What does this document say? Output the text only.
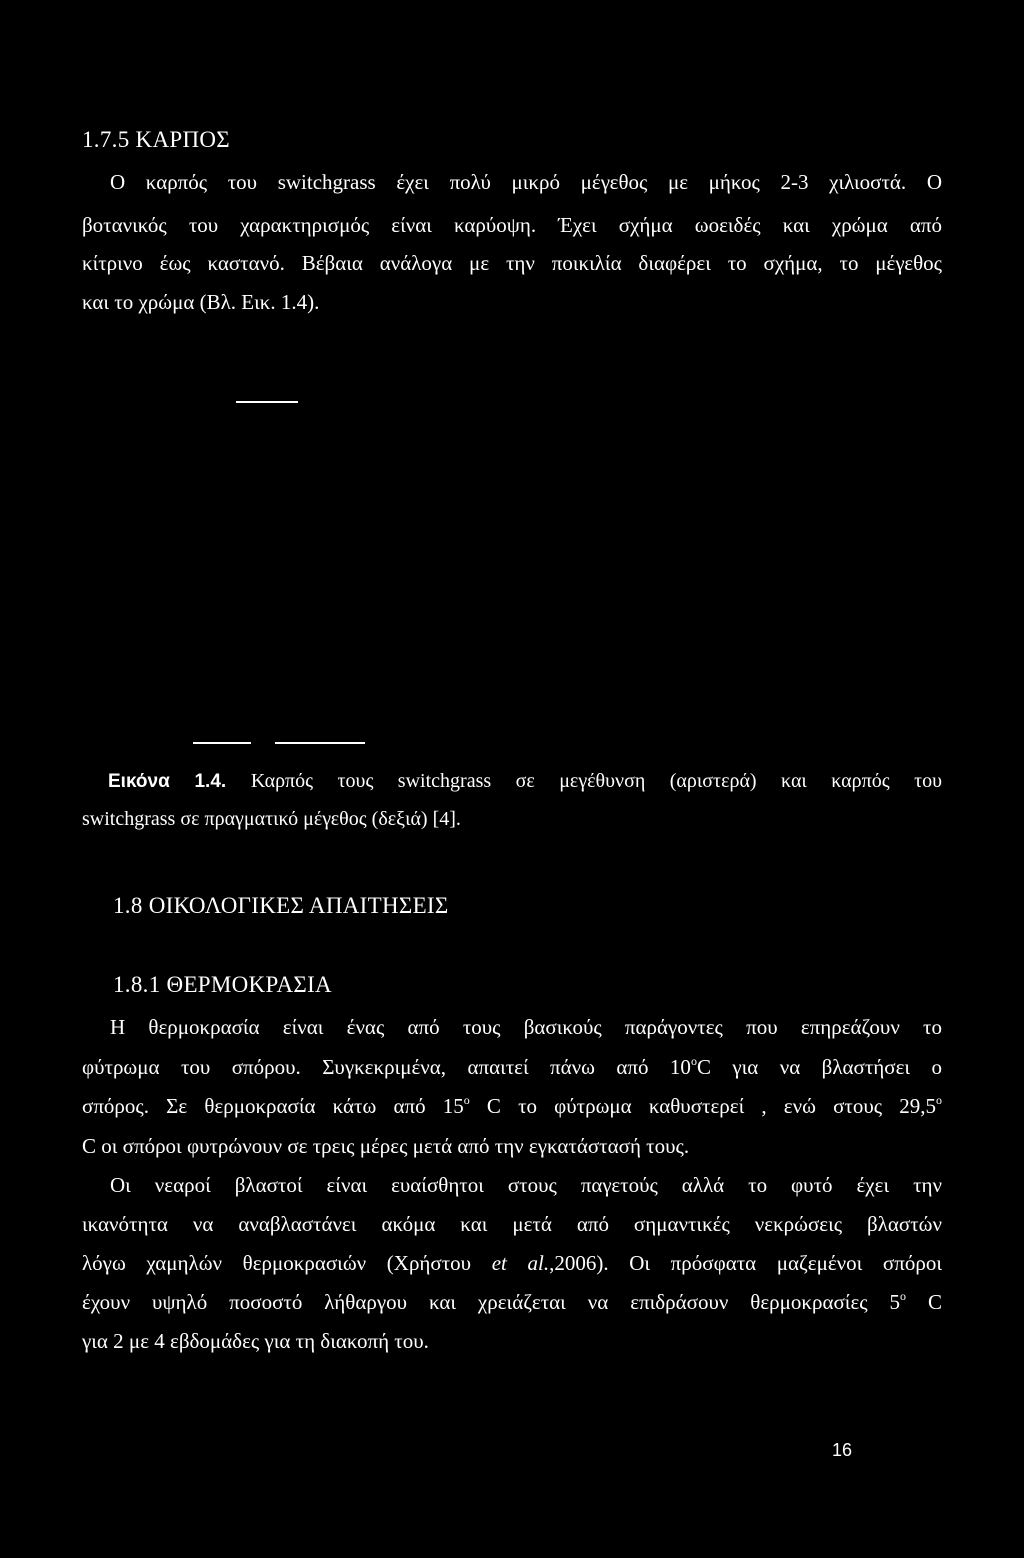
1.7.5 ΚΑΡΠΟΣ
Ο καρπός του switchgrass έχει πολύ μικρό μέγεθος με μήκος 2-3 χιλιοστά. Ο
βοτανικός του χαρακτηρισμός είναι καρύοψη. Έχει σχήμα ωοειδές και χρώμα από
κίτρινο έως καστανό. Βέβαια ανάλογα με την ποικιλία διαφέρει το σχήμα, το μέγεθος
και το χρώμα (Βλ. Εικ. 1.4).
Εικόνα 1.4. Καρπός τους switchgrass σε μεγέθυνση (αριστερά) και καρπός του
switchgrass σε πραγματικό μέγεθος (δεξιά) [4].
1.8 ΟΙΚΟΛΟΓΙΚΕΣ ΑΠΑΙΤΗΣΕΙΣ
1.8.1 ΘΕΡΜΟΚΡΑΣΙΑ
Η θερμοκρασία είναι ένας από τους βασικούς παράγοντες που επηρεάζουν το
φύτρωμα του σπόρου. Συγκεκριμένα, απαιτεί πάνω από $10^oC$ για να βλαστήσει ο
σπόρος. Σε θερμοκρασία κάτω από $15^o$ C το φύτρωμα καθυστερεί , ενώ στους $29,5^o$
C οι σπόροι φυτρώνουν σε τρεις μέρες μετά από την εγκατάστασή τους.
Οι νεαροί βλαστοί είναι ευαίσθητοι στους παγετούς αλλά το φυτό έχει την
ικανότητα να αναβλαστάνει ακόμα και μετά από σημαντικές νεκρώσεις βλαστών
λόγω χαμηλών θερμοκρασιών (Χρήστου et al.,2006). Οι πρόσφατα μαζεμένοι σπόροι
έχουν υψηλό ποσοστό λήθαργου και χρειάζεται να επιδράσουν θερμοκρασίες $5^o$ C
για 2 με 4 εβδομάδες για τη διακοπή του.
16
